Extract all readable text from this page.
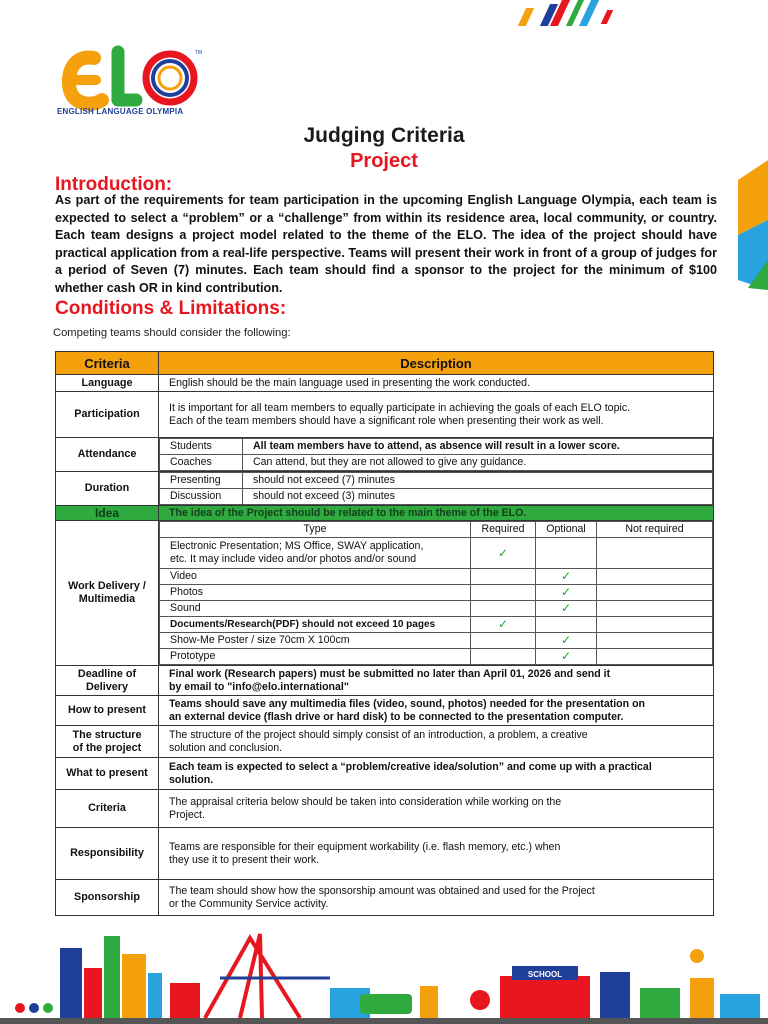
TM
ENGLISH LANGUAGE OLYMPIA
Judging Criteria
Project
Introduction:
As part of the requirements for team participation in the upcoming English Language Olympia, each team is expected to select a “problem” or a “challenge” from within its residence area, local community, or country. Each team designs a project model related to the theme of the ELO. The idea of the project should have practical application from a real-life perspective. Teams will present their work in front of a group of judges for a period of Seven (7) minutes. Each team should find a sponsor to the project for the minimum of $100 whether cash OR in kind contribution.
Conditions & Limitations:
Competing teams should consider the following:
Criteria	Description
Language	English should be the main language used in presenting the work conducted.
Participation	
It is important for all team members to equally participate in achieving the goals of each ELO topic.
Each of the team members should have a significant role when presenting their work as well.

Attendance	
Students	All team members have to attend, as absence will result in a lower score.
Coaches	Can attend, but they are not allowed to give any guidance.

Duration	
Presenting	should not exceed (7) minutes
Discussion	should not exceed (3) minutes

Idea	The idea of the Project should be related to the main theme of the ELO.

Work Delivery /
Multimedia

Type	Required	Optional	Not required

Electronic Presentation; MS Office, SWAY application,
etc. It may include video and/or photos and/or sound	✓		
Video		✓	
Photos		✓	
Sound		✓	
Documents/Research(PDF) should not exceed 10 pages	✓		
Show-Me Poster / size 70cm X 100cm		✓	
Prototype		✓	

Deadline of
Delivery

Final work (Research papers) must be submitted no later than April 01, 2026 and send it
by email to "info@elo.international"

How to present	
Teams should save any multimedia files (video, sound, photos) needed for the presentation on
an external device (flash drive or hard disk) to be connected to the presentation computer.

The structure
of the project

The structure of the project should simply consist of an introduction, a problem, a creative
solution and conclusion.

What to present	
Each team is expected to select a “problem/creative idea/solution” and come up with a practical
solution.

Criteria	
The appraisal criteria below should be taken into consideration while working on the
Project.

Responsibility	
Teams are responsible for their equipment workability (i.e. flash memory, etc.) when
they use it to present their work.

Sponsorship	
The team should show how the sponsorship amount was obtained and used for the Project
or the Community Service activity.
SCHOOL
